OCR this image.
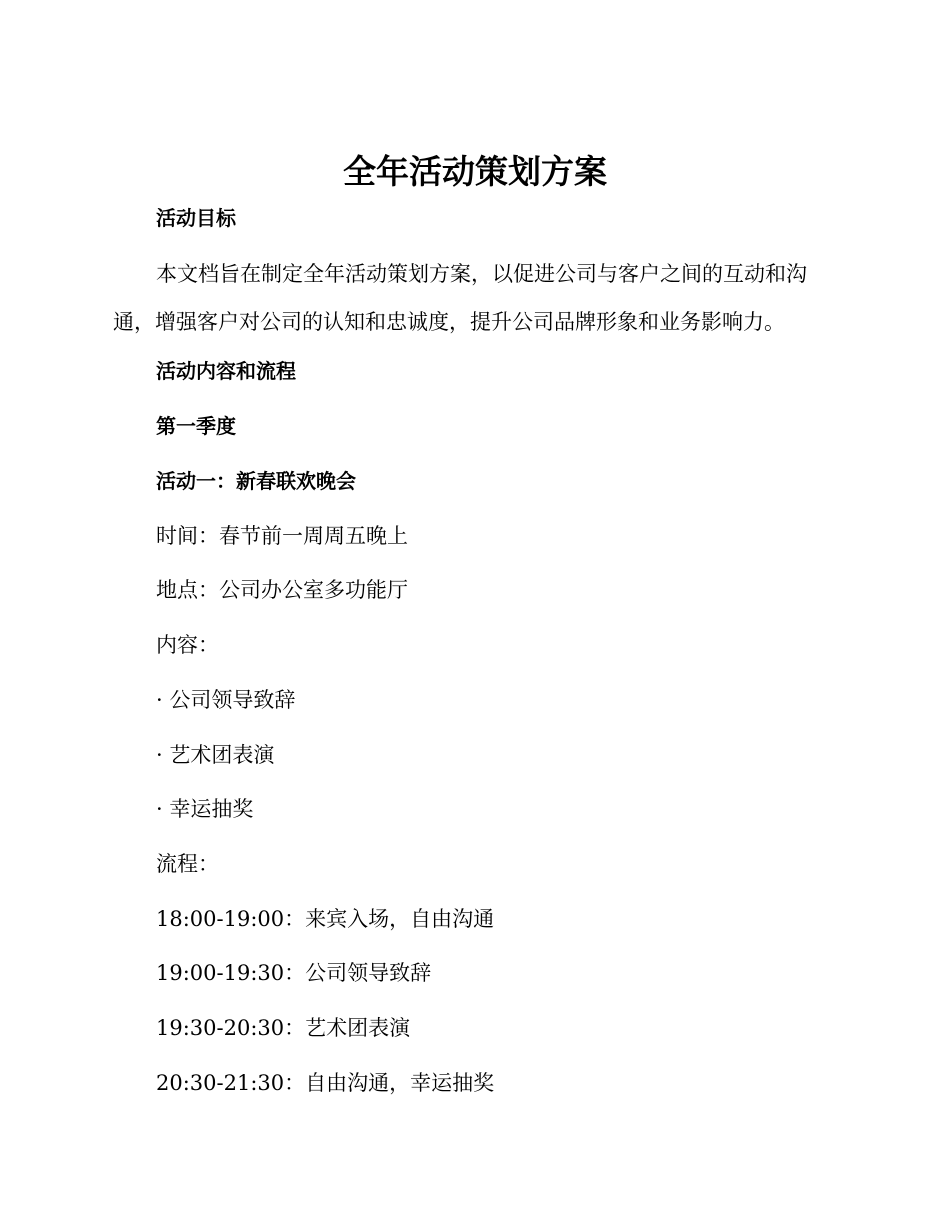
全年活动策划方案

活动目标

本文档旨在制定全年活动策划方案，以促进公司与客户之间的互动和沟通，增强客户对公司的认知和忠诚度，提升公司品牌形象和业务影响力。

活动内容和流程

第一季度

活动一：新春联欢晚会

时间：春节前一周周五晚上

地点：公司办公室多功能厅

内容：

· 公司领导致辞

· 艺术团表演

· 幸运抽奖

流程：

18:00-19:00：来宾入场，自由沟通

19:00-19:30：公司领导致辞

19:30-20:30：艺术团表演

20:30-21:30：自由沟通，幸运抽奖
